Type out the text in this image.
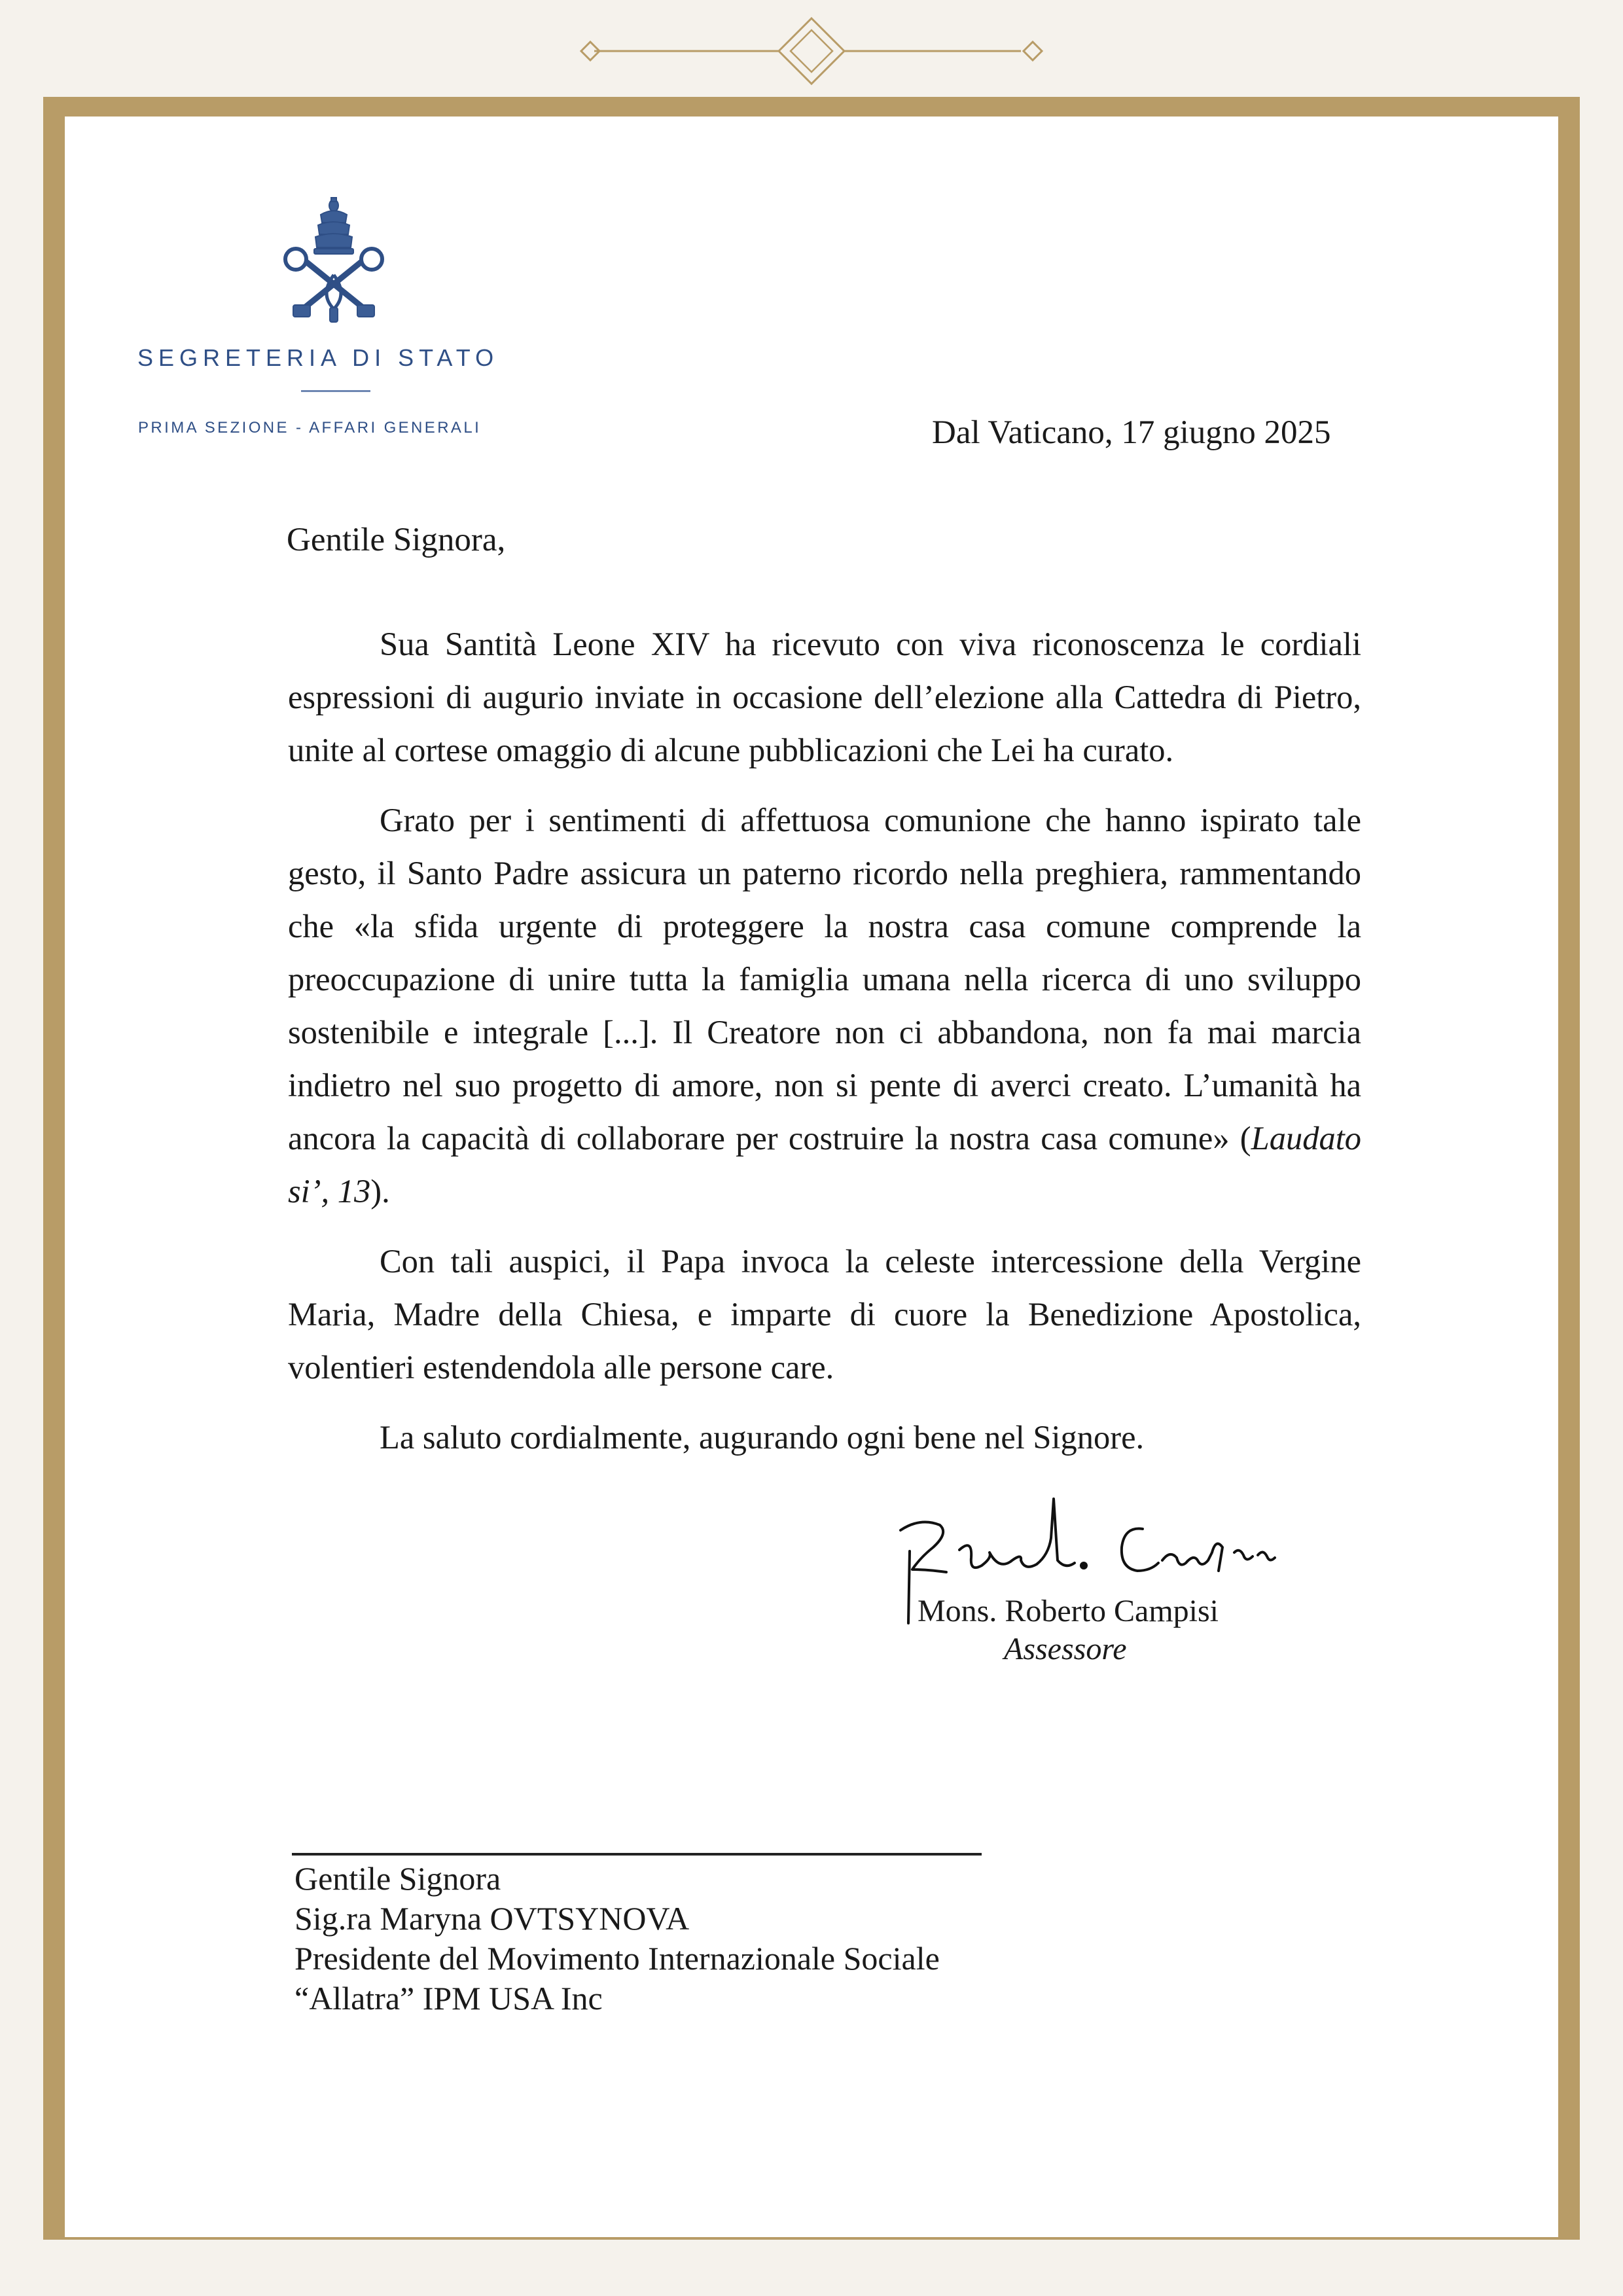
SEGRETERIA DI STATO
PRIMA SEZIONE - AFFARI GENERALI	Dal Vaticano, 17 giugno 2025
Gentile Signora,

Sua Santità Leone XIV ha ricevuto con viva riconoscenza le cordiali espressioni di augurio inviate in occasione dell’elezione alla Cattedra di Pietro, unite al cortese omaggio di alcune pubblicazioni che Lei ha curato.

Grato per i sentimenti di affettuosa comunione che hanno ispirato tale gesto, il Santo Padre assicura un paterno ricordo nella preghiera, rammentando che «la sfida urgente di proteggere la nostra casa comune comprende la preoccupazione di unire tutta la famiglia umana nella ricerca di uno sviluppo sostenibile e integrale [...]. Il Creatore non ci abbandona, non fa mai marcia indietro nel suo progetto di amore, non si pente di averci creato. L’umanità ha ancora la capacità di collaborare per costruire la nostra casa comune» (Laudato si’, 13).

Con tali auspici, il Papa invoca la celeste intercessione della Vergine Maria, Madre della Chiesa, e imparte di cuore la Benedizione Apostolica, volentieri estendendola alle persone care.

La saluto cordialmente, augurando ogni bene nel Signore.

Mons. Roberto Campisi
Assessore
Gentile Signora
Sig.ra Maryna OVTSYNOVA
Presidente del Movimento Internazionale Sociale
“Allatra” IPM USA Inc
